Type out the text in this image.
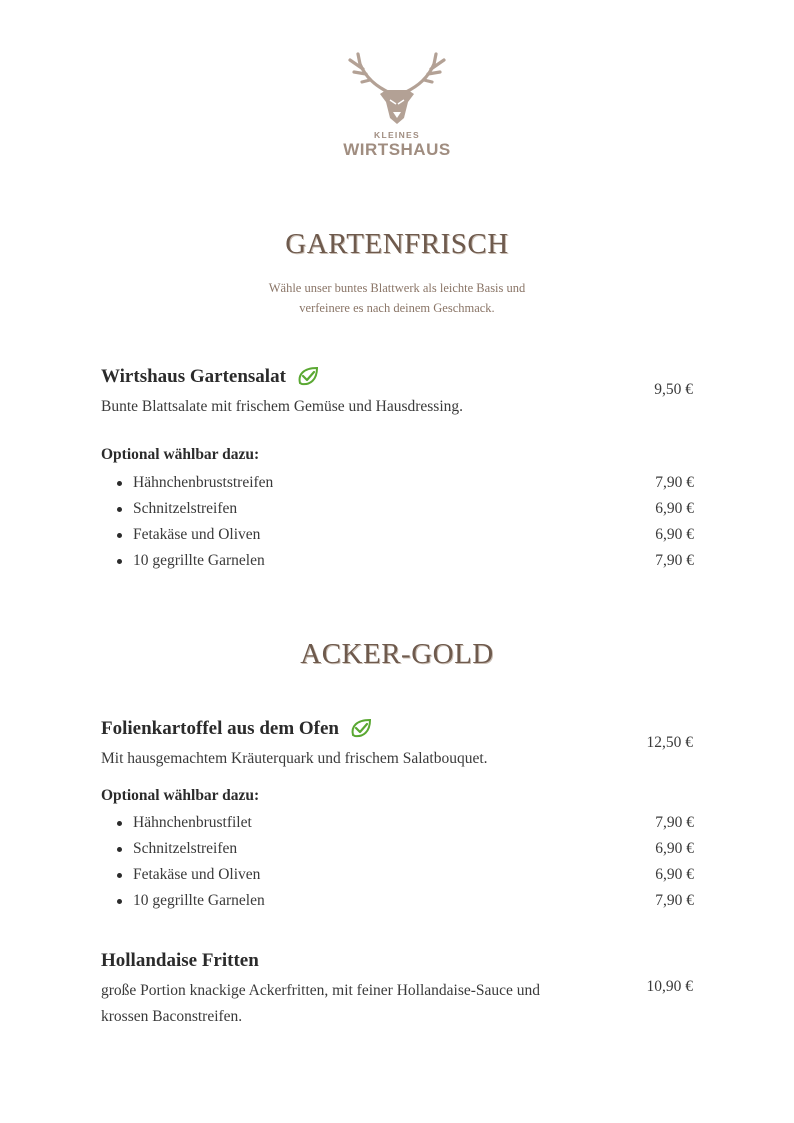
KLEINES
WIRTSHAUS
GARTENFRISCH
Wähle unser buntes Blattwerk als leichte Basis und verfeinere es nach deinem Geschmack.
Wirtshaus Gartensalat
Bunte Blattsalate mit frischem Gemüse und Hausdressing.
9,50 €
Optional wählbar dazu:
Hähnchenbruststreifen	7,90 €
Schnitzelstreifen	6,90 €
Fetakäse und Oliven	6,90 €
10 gegrillte Garnelen	7,90 €
ACKER-GOLD
Folienkartoffel aus dem Ofen
Mit hausgemachtem Kräuterquark und frischem Salatbouquet.
12,50 €
Optional wählbar dazu:
Hähnchenbrustfilet	7,90 €
Schnitzelstreifen	6,90 €
Fetakäse und Oliven	6,90 €
10 gegrillte Garnelen	7,90 €
Hollandaise Fritten
große Portion knackige Ackerfritten, mit feiner Hollandaise-Sauce und krossen Baconstreifen.
10,90 €
